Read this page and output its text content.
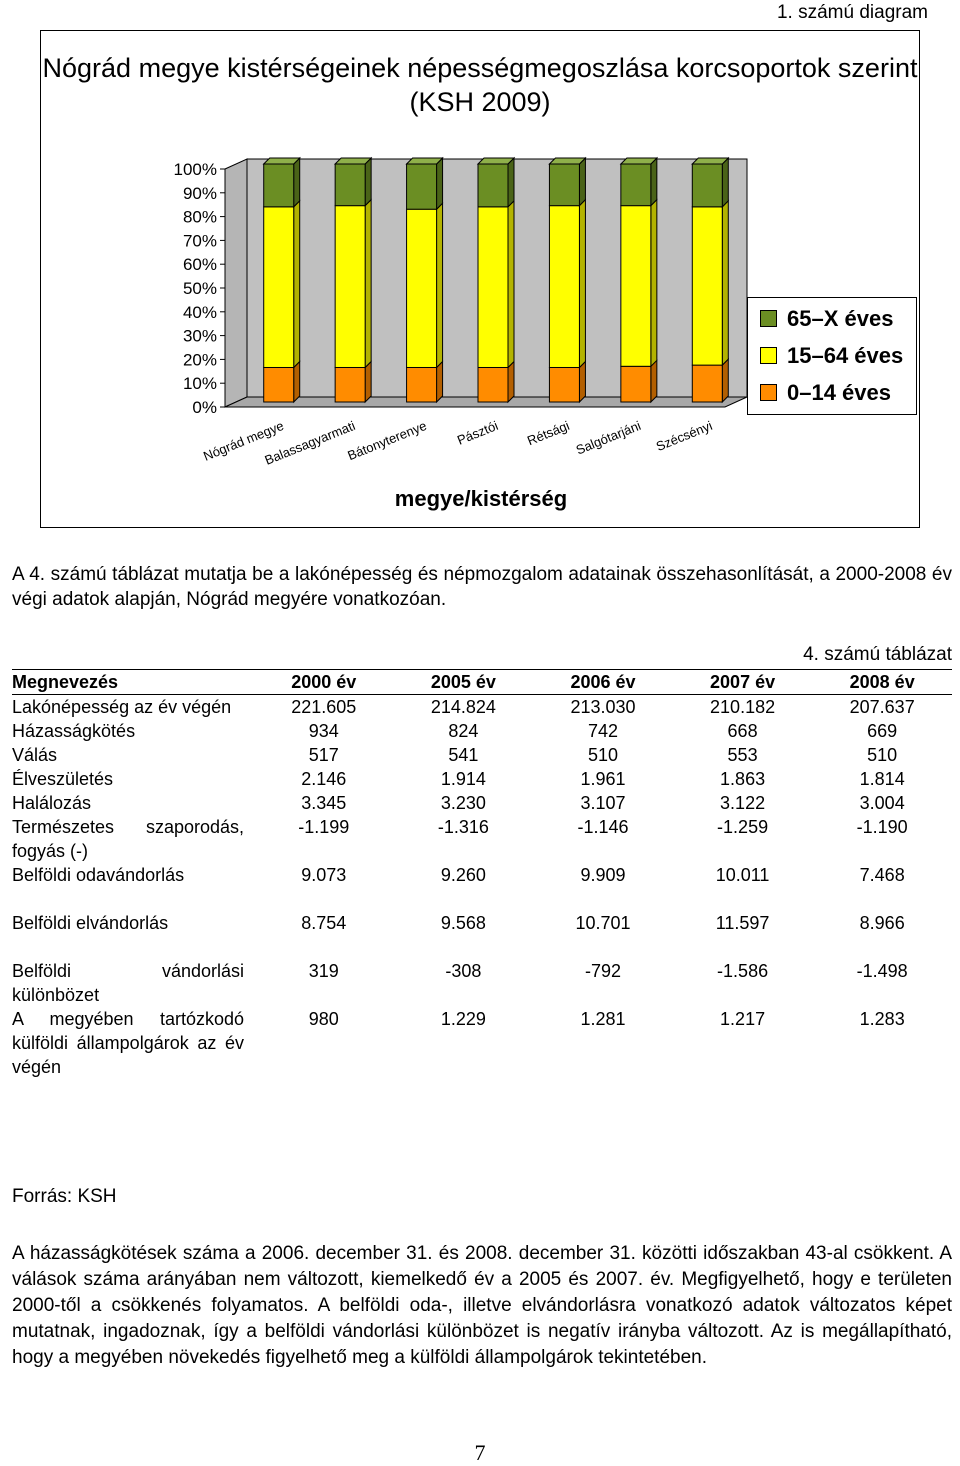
1. számú diagram
0%
10%
20%
30%
40%
50%
60%
70%
80%
90%
100%
Nógrád megye
Balassagyarmati
Bátonyterenye Pásztói Rétsági Salgótarjáni Szécsényi
Nógrád megye kistérségeinek népességmegoszlása korcsoportok szerint (KSH 2009)
megye/kistérség
65–X éves
15–64 éves
0–14 éves
A 4. számú táblázat mutatja be a lakónépesség és népmozgalom adatainak összehasonlítását, a 2000-2008 év végi adatok alapján, Nógrád megyére vonatkozóan.
4. számú táblázat
Megnevezés	2000 év	2005 év	2006 év	2007 év	2008 év
Lakónépesség az év végén	221.605	214.824	213.030	210.182	207.637
Házasságkötés	934	824	742	668	669
Válás	517	541	510	553	510
Élveszületés	2.146	1.914	1.961	1.863	1.814
Halálozás	3.345	3.230	3.107	3.122	3.004
Természetes szaporodás, fogyás (-)	-1.199	-1.316	-1.146	-1.259	-1.190
Belföldi odavándorlás	9.073	9.260	9.909	10.011	7.468
Belföldi elvándorlás	8.754	9.568	10.701	11.597	8.966
Belföldi vándorlási különbözet	319	-308	-792	-1.586	-1.498
A megyében tartózkodó külföldi állampolgárok az év végén	980	1.229	1.281	1.217	1.283
Forrás: KSH
A házasságkötések száma a 2006. december 31. és 2008. december 31. közötti időszakban 43-al csökkent. A válások száma arányában nem változott, kiemelkedő év a 2005 és 2007. év. Megfigyelhető, hogy e területen 2000-től a csökkenés folyamatos. A belföldi oda-, illetve elvándorlásra vonatkozó adatok változatos képet mutatnak, ingadoznak, így a belföldi vándorlási különbözet is negatív irányba változott. Az is megállapítható, hogy a megyében növekedés figyelhető meg a külföldi állampolgárok tekintetében.
7
